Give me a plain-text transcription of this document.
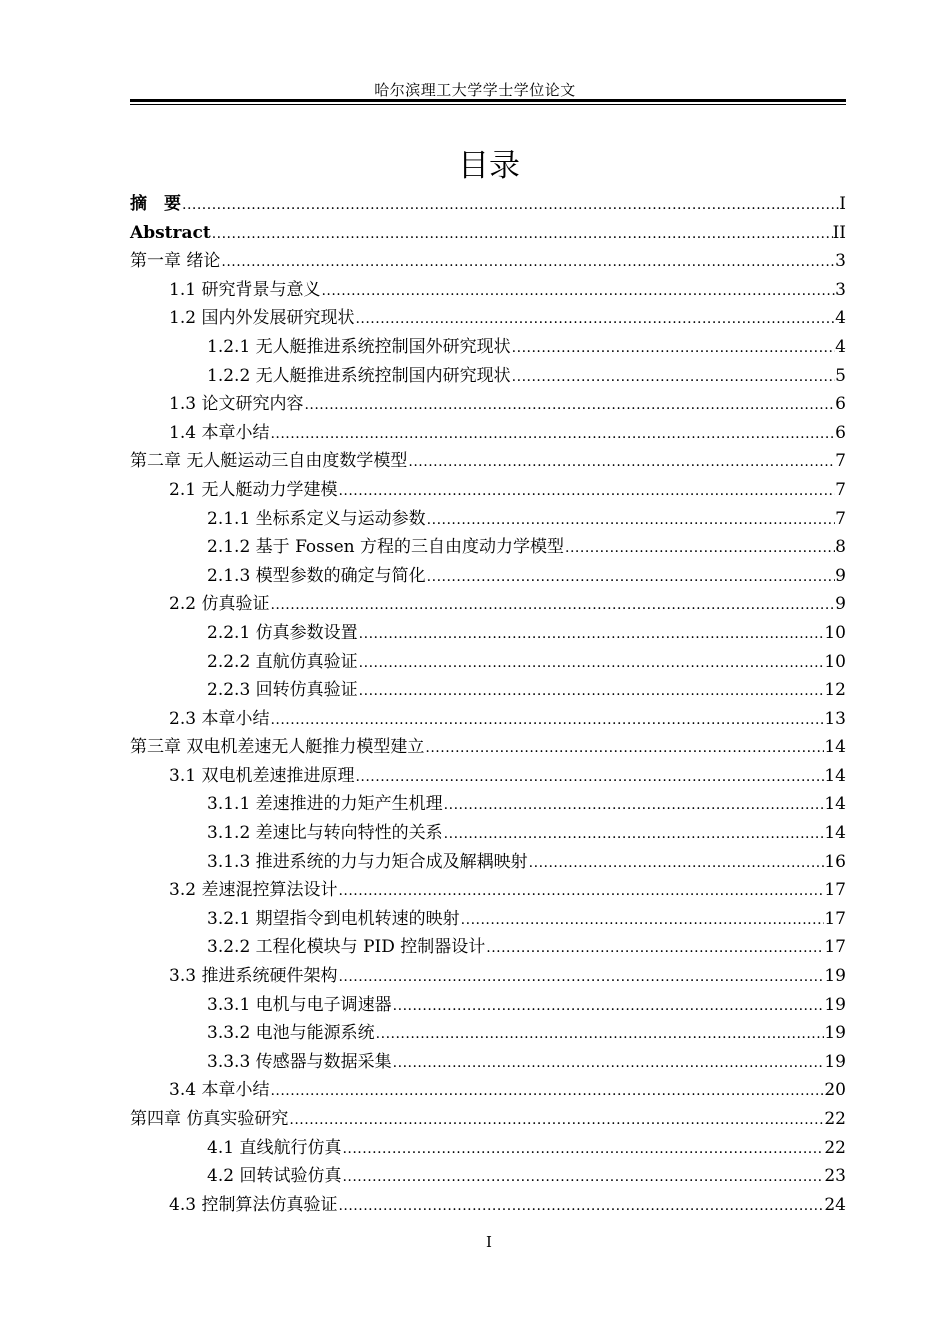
哈尔滨理工大学学士学位论文
目录
摘　要 .....	I
Abstract .....	II
第一章 绪论 .....	3
1.1 研究背景与意义 .....	3
1.2 国内外发展研究现状 .....	4
1.2.1 无人艇推进系统控制国外研究现状 .....	4
1.2.2 无人艇推进系统控制国内研究现状 .....	5
1.3 论文研究内容 .....	6
1.4 本章小结 .....	6
第二章 无人艇运动三自由度数学模型 .....	7
2.1 无人艇动力学建模 .....	7
2.1.1 坐标系定义与运动参数 .....	7
2.1.2 基于 Fossen 方程的三自由度动力学模型 .....	8
2.1.3 模型参数的确定与简化 .....	9
2.2 仿真验证 .....	9
2.2.1 仿真参数设置 .....	10
2.2.2 直航仿真验证 .....	10
2.2.3 回转仿真验证 .....	12
2.3 本章小结 .....	13
第三章 双电机差速无人艇推力模型建立 .....	14
3.1 双电机差速推进原理 .....	14
3.1.1 差速推进的力矩产生机理 .....	14
3.1.2 差速比与转向特性的关系 .....	14
3.1.3 推进系统的力与力矩合成及解耦映射 .....	16
3.2 差速混控算法设计 .....	17
3.2.1 期望指令到电机转速的映射 .....	17
3.2.2 工程化模块与 PID 控制器设计 .....	17
3.3 推进系统硬件架构 .....	19
3.3.1 电机与电子调速器 .....	19
3.3.2 电池与能源系统 .....	19
3.3.3 传感器与数据采集 .....	19
3.4 本章小结 .....	20
第四章 仿真实验研究 .....	22
4.1 直线航行仿真 .....	22
4.2 回转试验仿真 .....	23
4.3 控制算法仿真验证 .....	24
I
